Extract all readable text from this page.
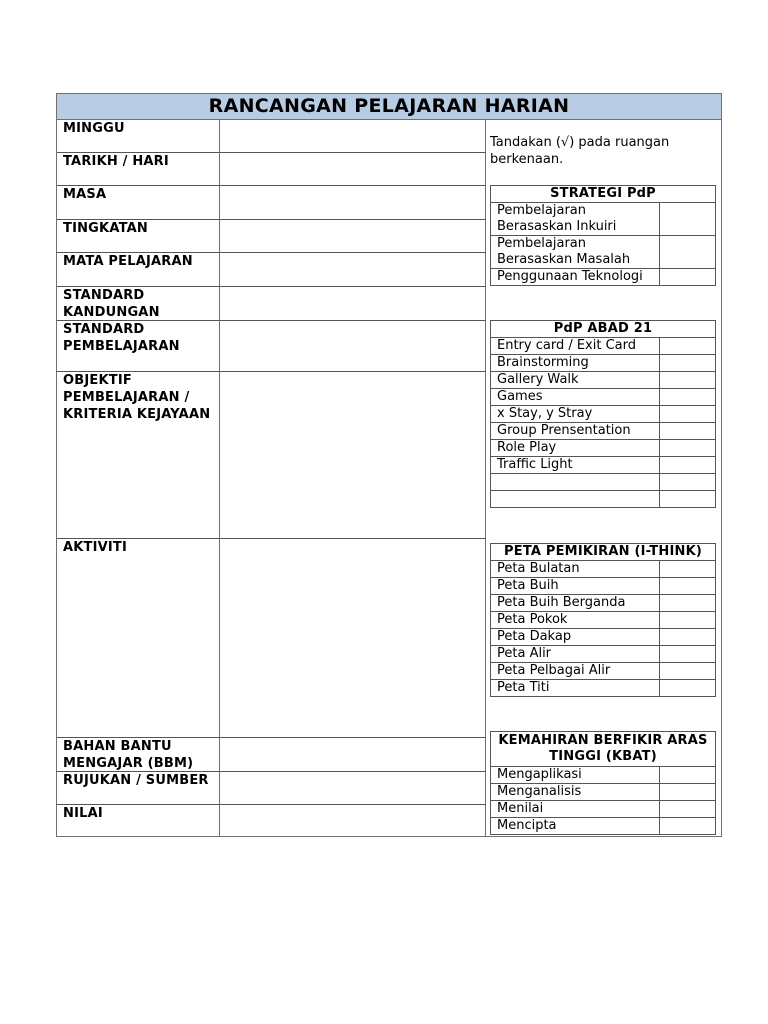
RANCANGAN PELAJARAN HARIAN
MINGGU
TARIKH / HARI
MASA
TINGKATAN
MATA PELAJARAN
STANDARD KANDUNGAN
STANDARD PEMBELAJARAN
OBJEKTIF PEMBELAJARAN / KRITERIA KEJAYAAN
AKTIVITI
BAHAN BANTU MENGAJAR (BBM)
RUJUKAN / SUMBER
NILAI
Tandakan (√) pada ruangan berkenaan.
STRATEGI PdP
Pembelajaran Berasaskan Inkuiri
Pembelajaran Berasaskan Masalah
Penggunaan Teknologi
PdP ABAD 21
Entry card / Exit Card
Brainstorming
Gallery Walk
Games
x Stay, y Stray
Group Prensentation
Role Play
Traffic Light
PETA PEMIKIRAN (I-THINK)
Peta Bulatan
Peta Buih
Peta Buih Berganda
Peta Pokok
Peta Dakap
Peta Alir
Peta Pelbagai Alir
Peta Titi
KEMAHIRAN BERFIKIR ARAS TINGGI (KBAT)
Mengaplikasi
Menganalisis
Menilai
Mencipta
